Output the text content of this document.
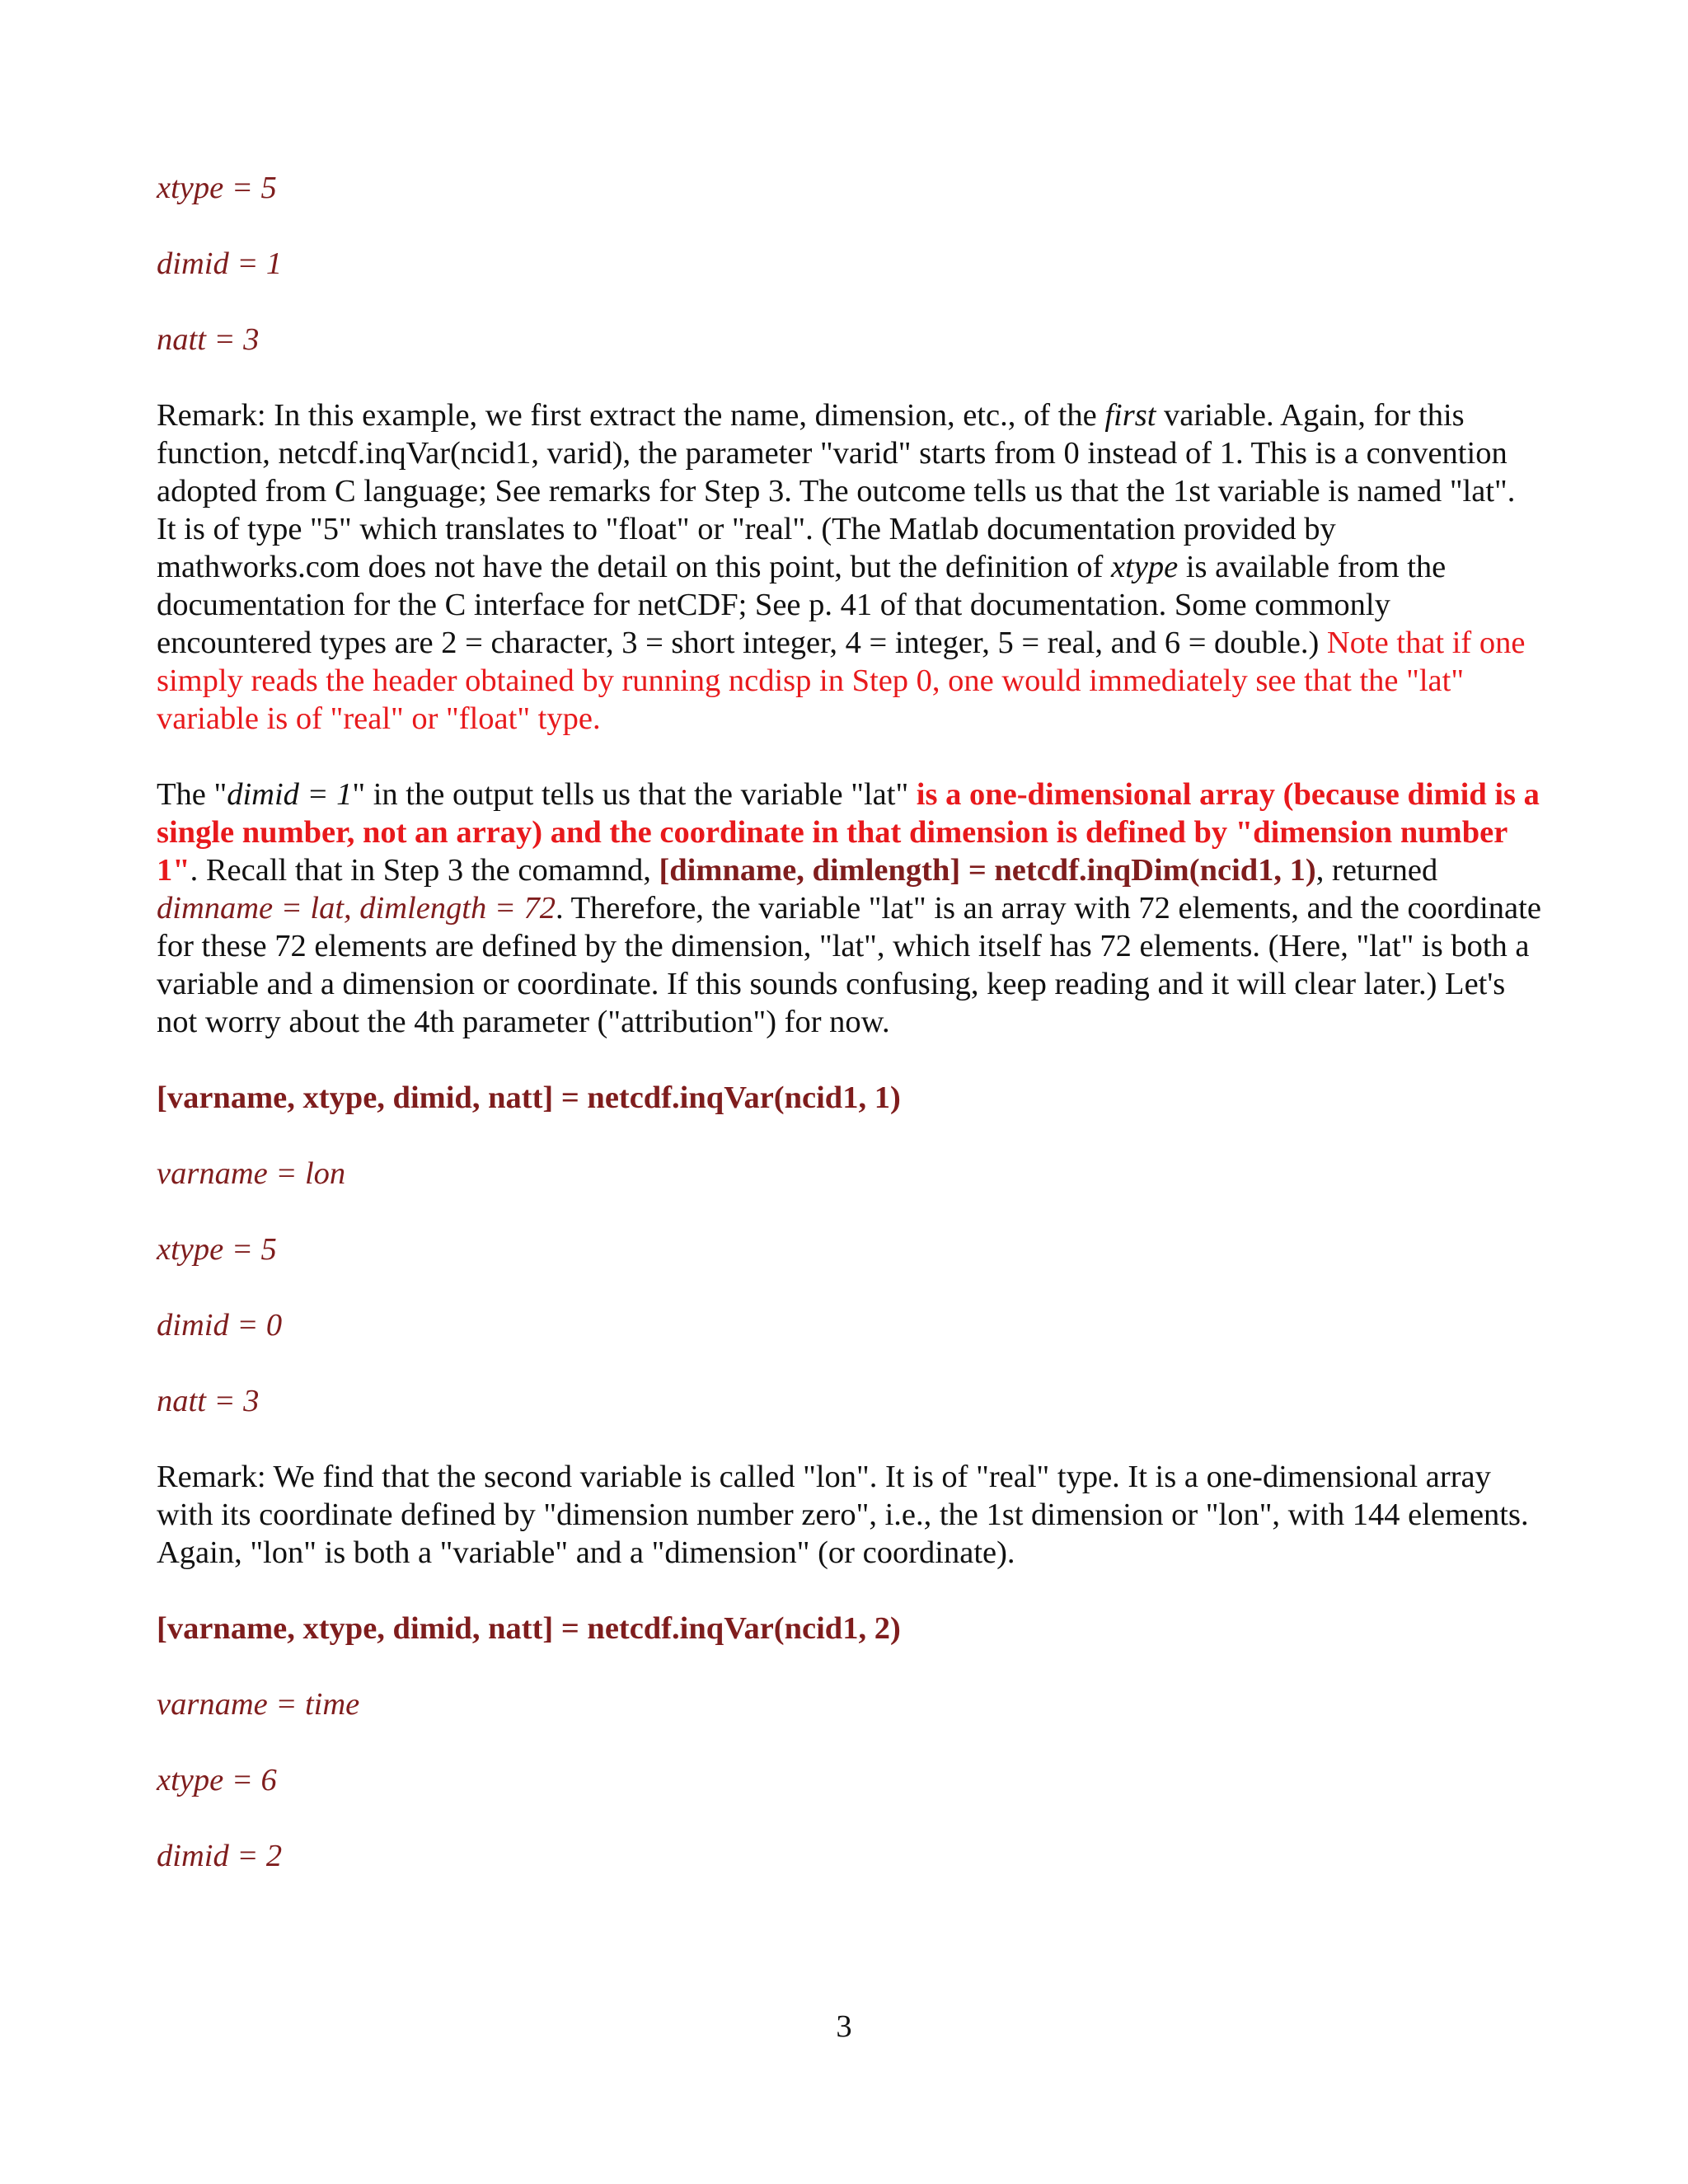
xtype = 5

dimid = 1

natt = 3

Remark: In this example, we first extract the name, dimension, etc., of the first variable. Again, for this function, netcdf.inqVar(ncid1, varid), the parameter "varid" starts from 0 instead of 1. This is a convention adopted from C language; See remarks for Step 3. The outcome tells us that the 1st variable is named "lat". It is of type "5" which translates to "float" or "real". (The Matlab documentation provided by mathworks.com does not have the detail on this point, but the definition of xtype is available from the documentation for the C interface for netCDF; See p. 41 of that documentation. Some commonly encountered types are 2 = character, 3 = short integer, 4 = integer, 5 = real, and 6 = double.) Note that if one simply reads the header obtained by running ncdisp in Step 0, one would immediately see that the "lat" variable is of "real" or "float" type.

The "dimid = 1" in the output tells us that the variable "lat" is a one-dimensional array (because dimid is a single number, not an array) and the coordinate in that dimension is defined by "dimension number 1". Recall that in Step 3 the comamnd, [dimname, dimlength] = netcdf.inqDim(ncid1, 1), returned dimname = lat, dimlength = 72. Therefore, the variable "lat" is an array with 72 elements, and the coordinate for these 72 elements are defined by the dimension, "lat", which itself has 72 elements. (Here, "lat" is both a variable and a dimension or coordinate. If this sounds confusing, keep reading and it will clear later.) Let's not worry about the 4th parameter ("attribution") for now.

[varname, xtype, dimid, natt] = netcdf.inqVar(ncid1, 1)

varname = lon

xtype = 5

dimid = 0

natt = 3

Remark: We find that the second variable is called "lon". It is of "real" type. It is a one-dimensional array with its coordinate defined by "dimension number zero", i.e., the 1st dimension or "lon", with 144 elements. Again, "lon" is both a "variable" and a "dimension" (or coordinate).

[varname, xtype, dimid, natt] = netcdf.inqVar(ncid1, 2)

varname = time

xtype = 6

dimid = 2

3
